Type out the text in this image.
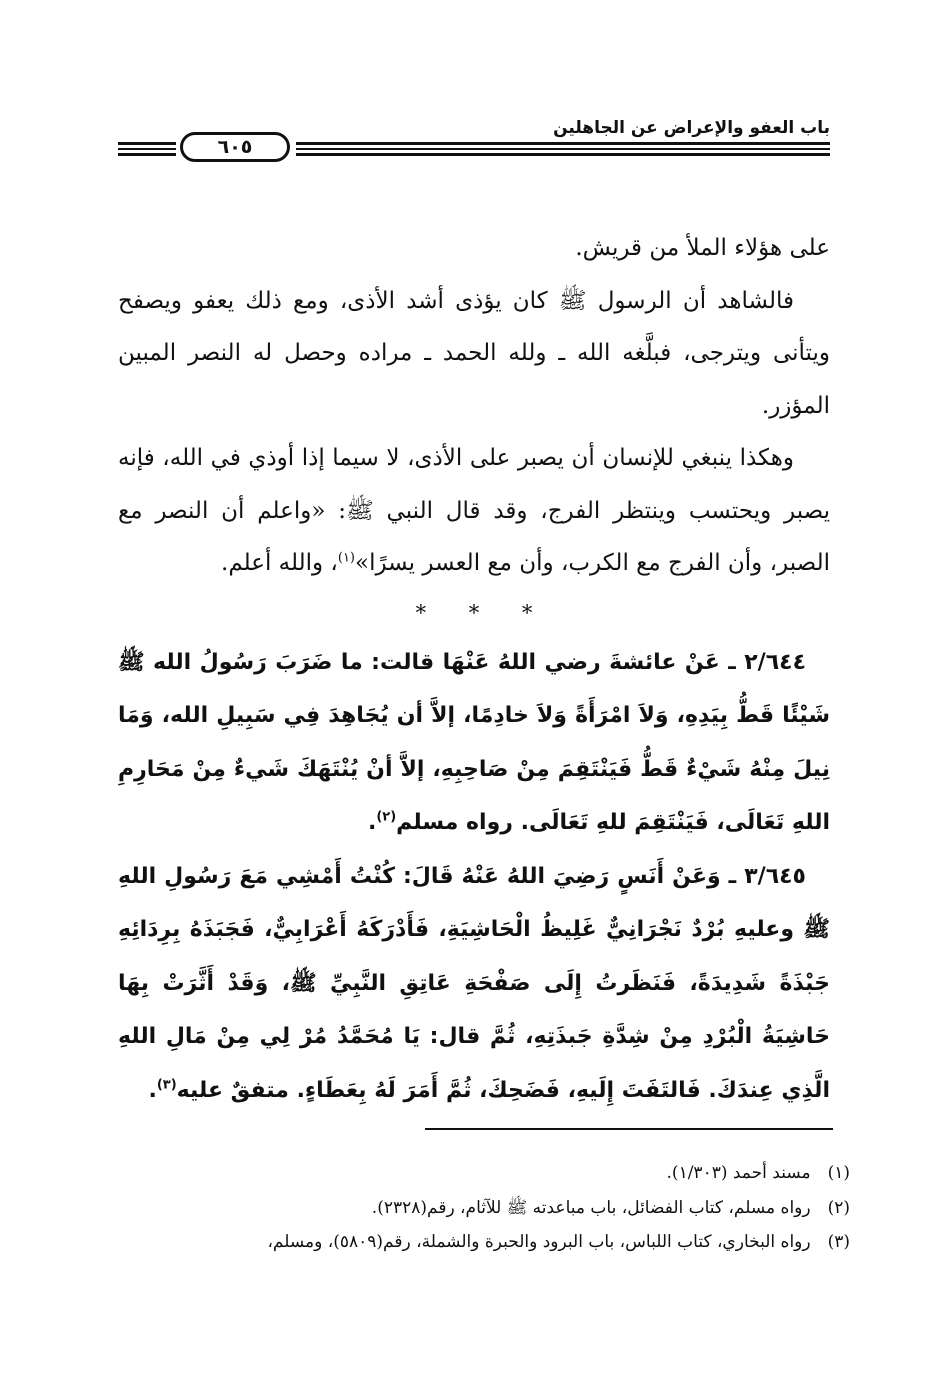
باب العفو والإعراض عن الجاهلين
٦٠٥

على هؤلاء الملأ من قريش.

فالشاهد أن الرسول ﷺ كان يؤذى أشد الأذى، ومع ذلك يعفو ويصفح ويتأنى ويترجى، فبلَّغه الله ـ ولله الحمد ـ مراده وحصل له النصر المبين المؤزر.

وهكذا ينبغي للإنسان أن يصبر على الأذى، لا سيما إذا أوذي في الله، فإنه يصبر ويحتسب وينتظر الفرج، وقد قال النبي ﷺ: «واعلم أن النصر مع الصبر، وأن الفرج مع الكرب، وأن مع العسر يسرًا»$^{(١)}$، والله أعلم.

* * *

٢/٦٤٤ ـ عَنْ عائشةَ رضي اللهُ عَنْهَا قالت: ما ضَرَبَ رَسُولُ الله ﷺ شَيْئًا قَطُّ بِيَدِهِ، وَلاَ امْرَأَةً وَلاَ خادِمًا، إلاَّ أن يُجَاهِدَ فِي سَبِيلِ الله، وَمَا نِيلَ مِنْهُ شَيْءٌ قَطُّ فَيَنْتَقِمَ مِنْ صَاحِبِهِ، إلاَّ أنْ يُنْتَهَكَ شَيءٌ مِنْ مَحَارِمِ اللهِ تَعَالَى، فَيَنْتَقِمَ للهِ تَعَالَى. رواه مسلم$^{(٢)}$.

٣/٦٤٥ ـ وَعَنْ أَنَسٍ رَضِيَ اللهُ عَنْهُ قَالَ: كُنْتُ أَمْشِي مَعَ رَسُولِ اللهِ ﷺ وعليهِ بُرْدٌ نَجْرَانِيٌّ غَلِيظُ الْحَاشِيَةِ، فَأَدْرَكَهُ أَعْرَابِيٌّ، فَجَبَذَهُ بِرِدَائِهِ جَبْذَةً شَدِيدَةً، فَنَظَرتُ إِلَى صَفْحَةِ عَاتِقِ النَّبِيِّ ﷺ، وَقَدْ أَثَّرَتْ بِهَا حَاشِيَةُ الْبُرْدِ مِنْ شِدَّةِ جَبذَتِهِ، ثُمَّ قال: يَا مُحَمَّدُ مُرْ لِي مِنْ مَالِ اللهِ الَّذِي عِندَكَ. فَالتَفَتَ إِلَيهِ، فَضَحِكَ، ثُمَّ أَمَرَ لَهُ بِعَطَاءٍ. متفقٌ عليه$^{(٣)}$.

(١) مسند أحمد (١/٣٠٣).
(٢) رواه مسلم، كتاب الفضائل، باب مباعدته ﷺ للآثام، رقم(٢٣٢٨).
(٣) رواه البخاري، كتاب اللباس، باب البرود والحبرة والشملة، رقم(٥٨٠٩)، ومسلم،
